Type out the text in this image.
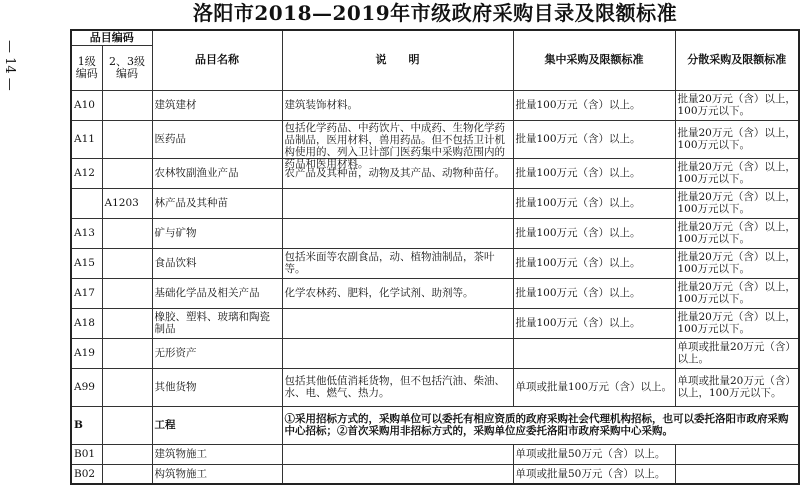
— 14 —
洛阳市2018—2019年市级政府采购目录及限额标准
品目编码		品目名称	说　　明	集中采购及限额标准	分散采购及限额标准
1级编码	2、3级编码				
A10		建筑建材	建筑装饰材料。	批量100万元（含）以上。	批量20万元（含）以上，100万元以下。
A11		医药品	包括化学药品、中药饮片、中成药、生物化学药品制品，医用材料，兽用药品。但不包括卫计机构使用的、列入卫计部门医药集中采购范围内的药品和医用材料。	批量100万元（含）以上。	批量20万元（含）以上，100万元以下。
A12		农林牧副渔业产品	农产品及其种苗，动物及其产品、动物种苗仔。	批量100万元（含）以上。	批量20万元（含）以上，100万元以下。
	A1203	林产品及其种苗		批量100万元（含）以上。	批量20万元（含）以上，100万元以下。
A13		矿与矿物		批量100万元（含）以上。	批量20万元（含）以上，100万元以下。
A15		食品饮料	包括米面等农副食品，动、植物油制品，茶叶等。	批量100万元（含）以上。	批量20万元（含）以上，100万元以下。
A17		基础化学品及相关产品	化学农林药、肥料，化学试剂、助剂等。	批量100万元（含）以上。	批量20万元（含）以上，100万元以下。
A18		橡胶、塑料、玻璃和陶瓷制品		批量100万元（含）以上。	批量20万元（含）以上，100万元以下。
A19		无形资产			单项或批量20万元（含）以上。
A99		其他货物	包括其他低值消耗货物，但不包括汽油、柴油、水、电、燃气、热力。	单项或批量100万元（含）以上。	单项或批量20万元（含）以上，100万元以下。
B		工程	①采用招标方式的，采购单位可以委托有相应资质的政府采购社会代理机构招标，也可以委托洛阳市政府采购中心招标；②首次采购用非招标方式的，采购单位应委托洛阳市政府采购中心采购。		
B01		建筑物施工		单项或批量50万元（含）以上。	
B02		构筑物施工		单项或批量50万元（含）以上。	
